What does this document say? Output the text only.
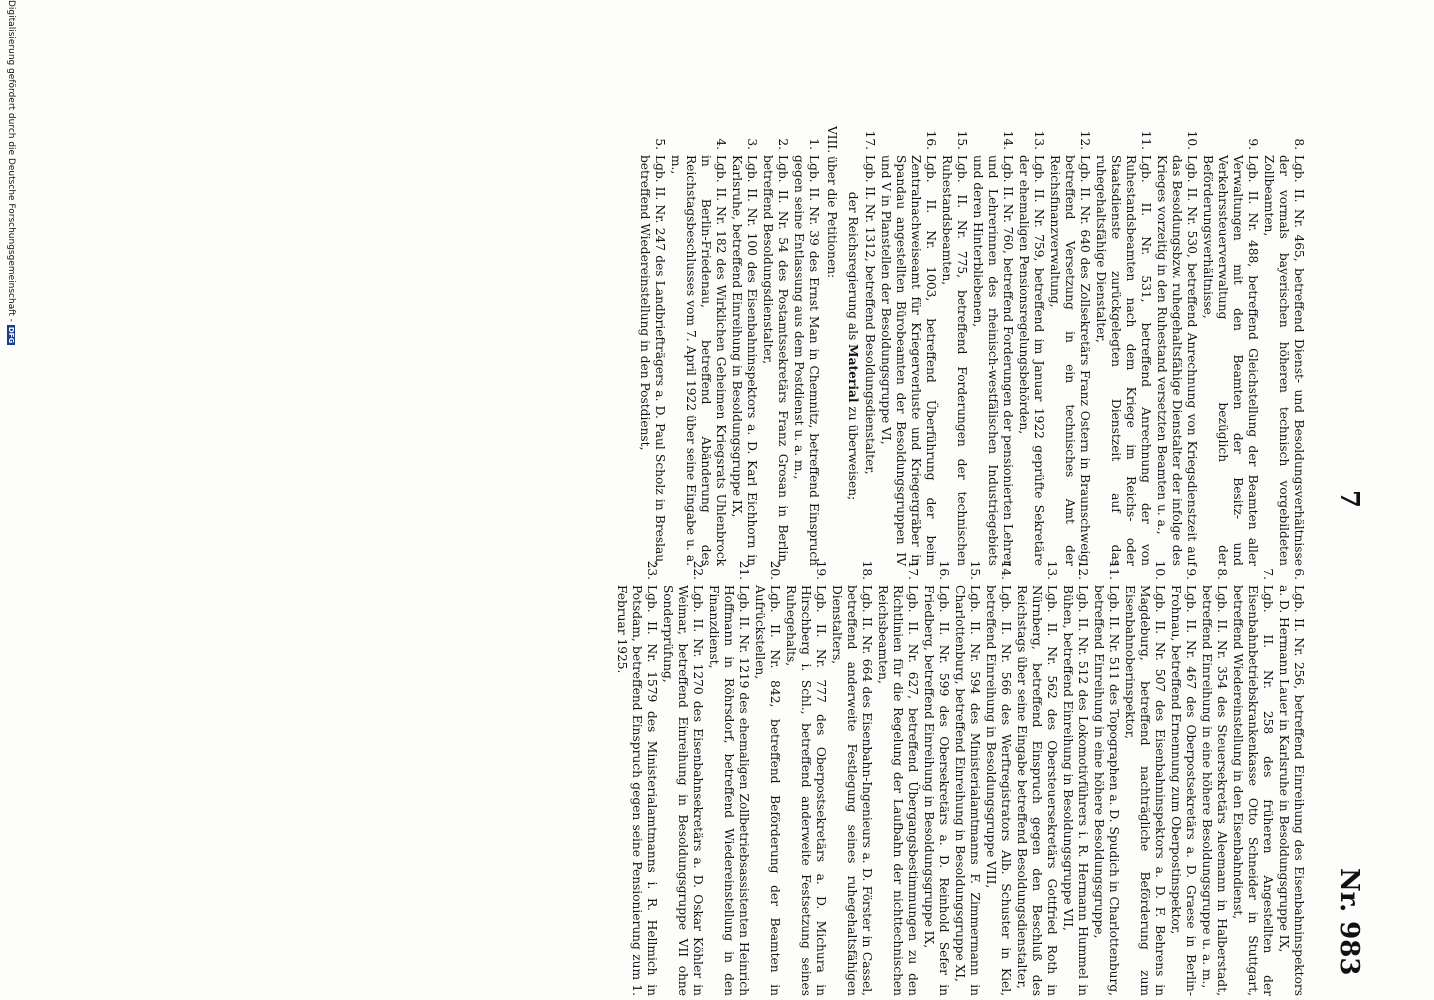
7
Nr. 983
8.
Lgb. II. Nr. 465, betreffend Dienst- und Besoldungsverhältnisse der vormals bayerischen höheren technisch vorgebildeten Zollbeamten,
9.
Lgb. II. Nr. 488, betreffend Gleichstellung der Beamten aller Verwaltungen mit den Beamten der Besitz- und Verkehrssteuerverwaltung bezüglich der Beförderungsverhältnisse,
10.
Lgb. II. Nr. 530, betreffend Anrechnung von Kriegsdienstzeit auf das Besoldungsbzw. ruhegehaltsfähige Dienstalter der infolge des Krieges vorzeitig in den Ruhestand versetzten Beamten u. a.,
11.
Lgb. II. Nr. 531, betreffend Anrechnung der von Ruhestandsbeamten nach dem Kriege im Reichs- oder Staatsdienste zurückgelegten Dienstzeit auf das ruhegehaltsfähige Dienstalter,
12.
Lgb. II. Nr. 640 des Zollsekretärs Franz Ostern in Braunschweig, betreffend Versetzung in ein technisches Amt der Reichsfinanzverwaltung,
13.
Lgb. II. Nr. 759, betreffend im Januar 1922 geprüfte Sekretäre der ehemaligen Pensionsregelungsbehörden,
14.
Lgb. II. Nr. 760, betreffend Forderungen der pensionierten Lehrer und Lehrerinnen des rheinisch-westfälischen Industriegebiets und deren Hinterbliebenen,
15.
Lgb. II. Nr. 775, betreffend Forderungen der technischen Ruhestandsbeamten,
16.
Lgb. II. Nr. 1003, betreffend Überführung der beim Zentralnachweiseamt für Kriegerverluste und Kriegergräber in Spandau angestellten Bürobeamten der Besoldungsgruppen IV und V in Planstellen der Besoldungsgruppe VI,
17.
Lgb. II. Nr. 1312, betreffend Besoldungsdienstalter,
der Reichsregierung als Material zu überweisen;
VIII.
über die Petitionen:
1.
Lgb. II. Nr. 39 des Ernst Man in Chemnitz, betreffend Einspruch gegen seine Entlassung aus dem Postdienst u. a. m.,
2.
Lgb. II. Nr. 54 des Postamtssekretärs Franz Grosan in Berlin, betreffend Besoldungsdienstalter,
3.
Lgb. II. Nr. 100 des Eisenbahninspektors a. D. Karl Eichhorn in Karlsruhe, betreffend Einreihung in Besoldungsgruppe IX,
4.
Lgb. II. Nr. 182 des Wirklichen Geheimen Kriegsrats Uhlenbrock in Berlin-Friedenau, betreffend Abänderung des Reichstagsbeschlusses vom 7. April 1922 über seine Eingabe u. a. m.,
5.
Lgb. II. Nr. 247 des Landbriefträgers a. D. Paul Scholz in Breslau, betreffend Wiedereinstellung in den Postdienst,
6.
Lgb. II. Nr. 256, betreffend Einreihung des Eisenbahninspektors a. D. Hermann Lauer in Karlsruhe in Besoldungsgruppe IX,
7.
Lgb. II. Nr. 258 des früheren Angestellten der Eisenbahnbetriebskrankenkasse Otto Schneider in Stuttgart, betreffend Wiedereinstellung in den Eisenbahndienst,
8.
Lgb. II. Nr. 354 des Steuersekretärs Aleemann in Halberstadt, betreffend Einreihung in eine höhere Besoldungsgruppe u. a. m.,
9.
Lgb. II. Nr. 467 des Oberpostsekretärs a. D. Graese in Berlin-Frohnau, betreffend Ernennung zum Oberpostinspektor,
10.
Lgb. II. Nr. 507 des Eisenbahninspektors a. D. F. Behrens in Magdeburg, betreffend nachträgliche Beförderung zum Eisenbahnoberinspektor,
11.
Lgb. II. Nr. 511 des Topographen a. D. Spudich in Charlottenburg, betreffend Einreihung in eine höhere Besoldungsgruppe,
12.
Lgb. II. Nr. 512 des Lokomotivführers i. R. Hermann Hummel in Bühen, betreffend Einreihung in Besoldungsgruppe VII,
13.
Lgb. II. Nr. 562 des Obersteuersekretärs Gottfried Roth in Nürnberg, betreffend Einspruch gegen den Beschluß des Reichstags über seine Eingabe betreffend Besoldungsdienstalter,
14.
Lgb. II. Nr. 566 des Werftregistrators Alb. Schuster in Kiel, betreffend Einreihung in Besoldungsgruppe VIII,
15.
Lgb. II. Nr. 594 des Ministerialamtmanns F. Zimmermann in Charlottenburg, betreffend Einreihung in Besoldungsgruppe XI,
16.
Lgb. II. Nr. 599 des Obersekretärs a. D. Reinhold Sefer in Friedberg, betreffend Einreihung in Besoldungsgruppe IX,
17.
Lgb. II. Nr. 627, betreffend Übergangsbestimmungen zu den Richtlinien für die Regelung der Laufbahn der nichttechnischen Reichsbeamten,
18.
Lgb. II. Nr. 664 des Eisenbahn-Ingenieurs a. D. Förster in Cassel, betreffend anderweite Festlegung seines ruhegehaltsfähigen Dienstalters,
19.
Lgb. II. Nr. 777 des Oberpostsekretärs a. D. Michura in Hirschberg i. Schl., betreffend anderweite Festsetzung seines Ruhegehalts,
20.
Lgb. II. Nr. 842, betreffend Beförderung der Beamten in Aufrückstellen,
21.
Lgb. II. Nr. 1219 des ehemaligen Zollbetriebsassistenten Heinrich Hoffmann in Röhrsdorf, betreffend Wiedereinstellung in den Finanzdienst,
22.
Lgb. II. Nr. 1270 des Eisenbahnsekretärs a. D. Oskar Köhler in Weimar, betreffend Einreihung in Besoldungsgruppe VII ohne Sonderprüfung,
23.
Lgb. II. Nr. 1579 des Ministerialamtmanns i. R. Hellmich in Potsdam, betreffend Einspruch gegen seine Pensionierung zum 1. Februar 1925.
Digitalisierung gefördert durch die Deutsche Forschungsgemeinschaft -DFG
